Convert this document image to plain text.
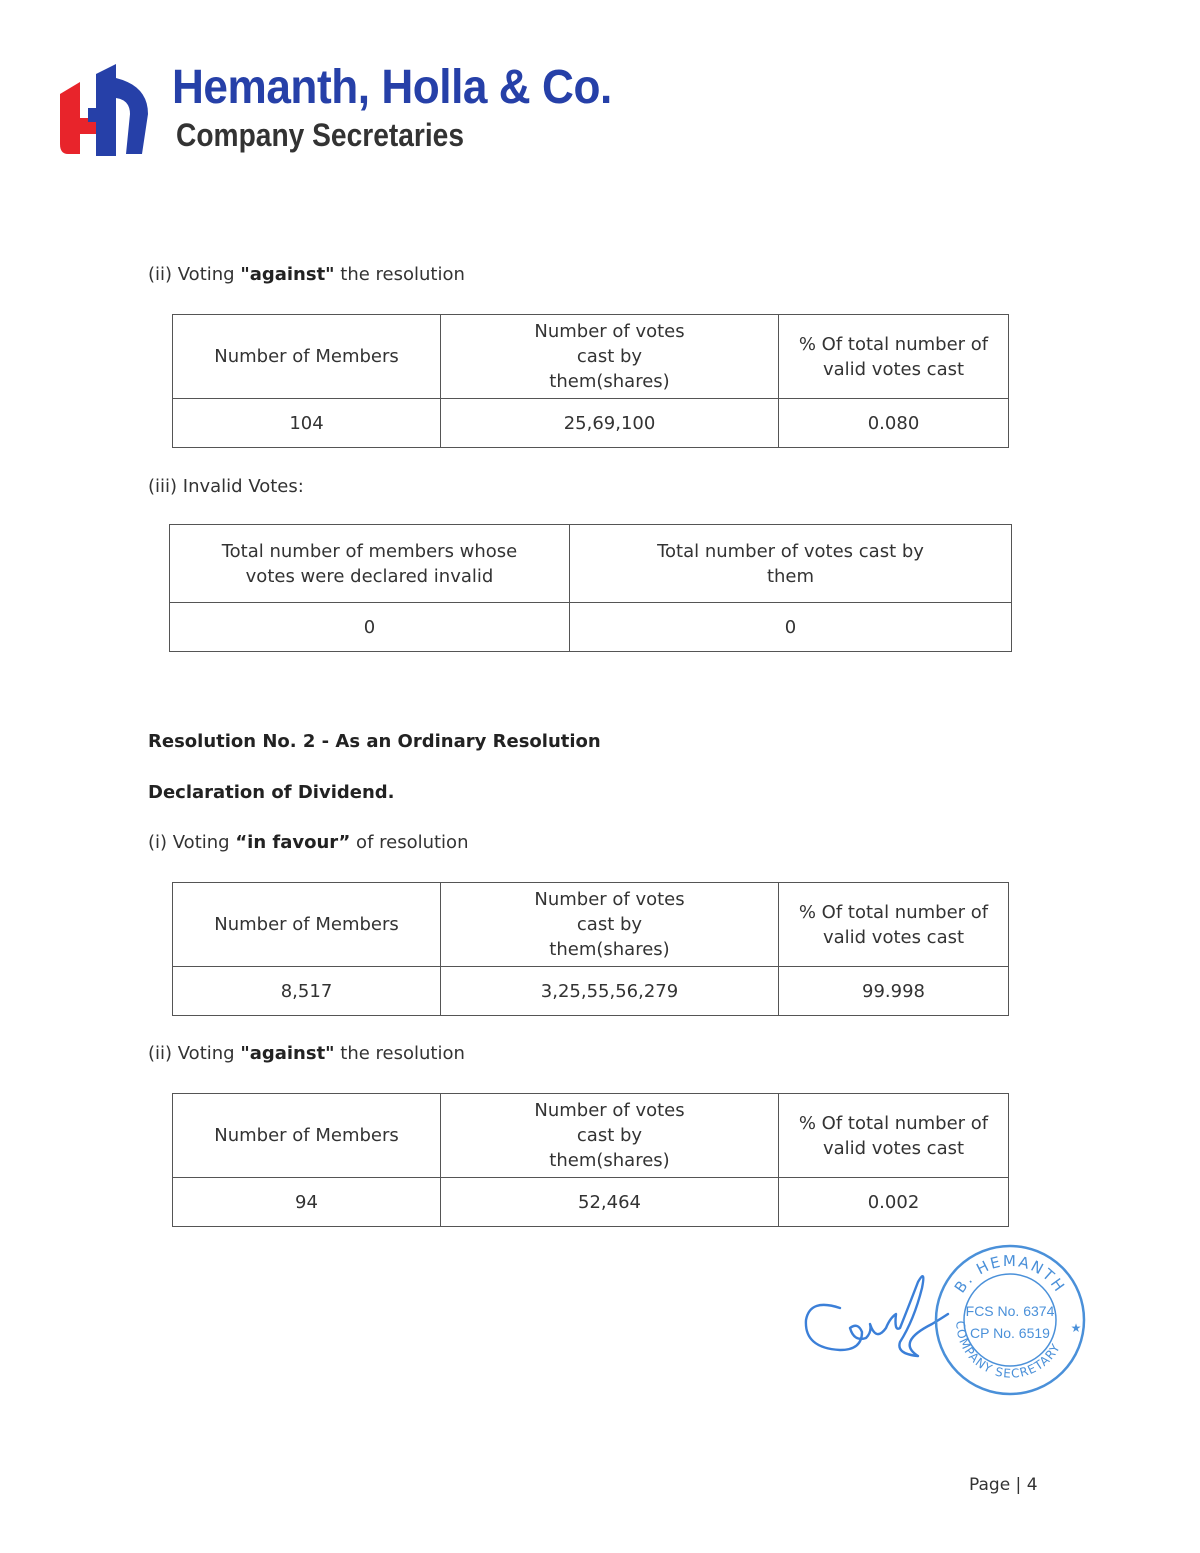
Hemanth, Holla & Co.
Company Secretaries
(ii) Voting "against" the resolution
Number of Members	Number of votes cast by them(shares)	% Of total number of valid votes cast
104	25,69,100	0.080
(iii) Invalid Votes:
Total number of members whose votes were declared invalid	Total number of votes cast by them
0	0
Resolution No. 2 - As an Ordinary Resolution
Declaration of Dividend.
(i) Voting “in favour” of resolution
Number of Members	Number of votes cast by them(shares)	% Of total number of valid votes cast
8,517	3,25,55,56,279	99.998
(ii) Voting "against" the resolution
Number of Members	Number of votes cast by them(shares)	% Of total number of valid votes cast
94	52,464	0.002
B. HEMANTH
COMPANY SECRETARY
FCS No. 6374
CP No. 6519 ★
Page | 4
